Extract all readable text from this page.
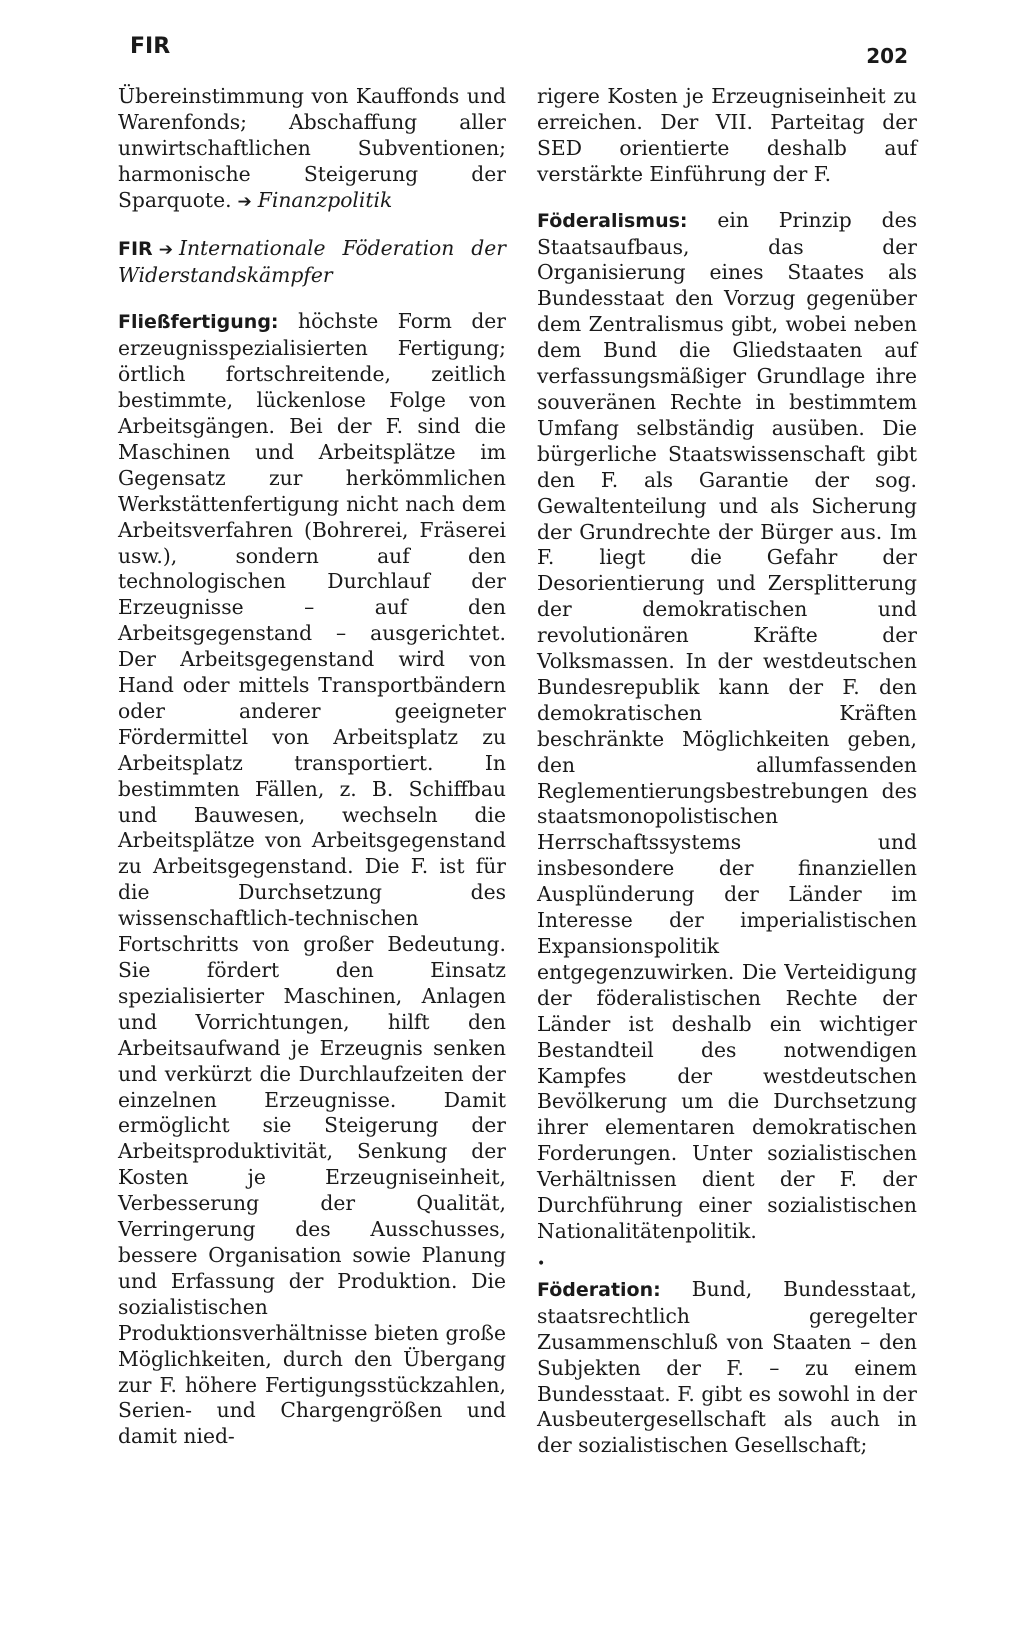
FIR	202

Übereinstimmung von Kauffonds und Warenfonds; Abschaffung aller unwirtschaftlichen Subventionen; harmonische Steigerung der Sparquote. ➔ Finanzpolitik

FIR ➔ Internationale Föderation der Widerstandskämpfer

Fließfertigung: höchste Form der erzeugnisspezialisierten Fertigung; örtlich fortschreitende, zeitlich bestimmte, lückenlose Folge von Arbeitsgängen. Bei der F. sind die Maschinen und Arbeitsplätze im Gegensatz zur herkömmlichen Werkstättenfertigung nicht nach dem Arbeitsverfahren (Bohrerei, Fräserei usw.), sondern auf den technologischen Durchlauf der Erzeugnisse – auf den Arbeitsgegenstand – ausgerichtet. Der Arbeitsgegenstand wird von Hand oder mittels Transportbändern oder anderer geeigneter Fördermittel von Arbeitsplatz zu Arbeitsplatz transportiert. In bestimmten Fällen, z. B. Schiffbau und Bauwesen, wechseln die Arbeitsplätze von Arbeitsgegenstand zu Arbeitsgegenstand. Die F. ist für die Durchsetzung des wissenschaftlich-technischen Fortschritts von großer Bedeutung. Sie fördert den Einsatz spezialisierter Maschinen, Anlagen und Vorrichtungen, hilft den Arbeitsaufwand je Erzeugnis senken und verkürzt die Durchlaufzeiten der einzelnen Erzeugnisse. Damit ermöglicht sie Steigerung der Arbeitsproduktivität, Senkung der Kosten je Erzeugniseinheit, Verbesserung der Qualität, Verringerung des Ausschusses, bessere Organisation sowie Planung und Erfassung der Produktion. Die sozialistischen Produktionsverhältnisse bieten große Möglichkeiten, durch den Übergang zur F. höhere Fertigungsstückzahlen, Serien- und Chargengrößen und damit nied-

rigere Kosten je Erzeugniseinheit zu erreichen. Der VII. Parteitag der SED orientierte deshalb auf verstärkte Einführung der F.

Föderalismus: ein Prinzip des Staatsaufbaus, das der Organisierung eines Staates als Bundesstaat den Vorzug gegenüber dem Zentralismus gibt, wobei neben dem Bund die Gliedstaaten auf verfassungsmäßiger Grundlage ihre souveränen Rechte in bestimmtem Umfang selbständig ausüben. Die bürgerliche Staatswissenschaft gibt den F. als Garantie der sog. Gewaltenteilung und als Sicherung der Grundrechte der Bürger aus. Im F. liegt die Gefahr der Desorientierung und Zersplitterung der demokratischen und revolutionären Kräfte der Volksmassen. In der westdeutschen Bundesrepublik kann der F. den demokratischen Kräften beschränkte Möglichkeiten geben, den allumfassenden Reglementierungsbestrebungen des staatsmonopolistischen Herrschaftssystems und insbesondere der finanziellen Ausplünderung der Länder im Interesse der imperialistischen Expansionspolitik entgegenzuwirken. Die Verteidigung der föderalistischen Rechte der Länder ist deshalb ein wichtiger Bestandteil des notwendigen Kampfes der westdeutschen Bevölkerung um die Durchsetzung ihrer elementaren demokratischen Forderungen. Unter sozialistischen Verhältnissen dient der F. der Durchführung einer sozialistischen Nationalitätenpolitik.

•

Föderation: Bund, Bundesstaat, staatsrechtlich geregelter Zusammenschluß von Staaten – den Subjekten der F. – zu einem Bundesstaat. F. gibt es sowohl in der Ausbeutergesellschaft als auch in der sozialistischen Gesellschaft;
